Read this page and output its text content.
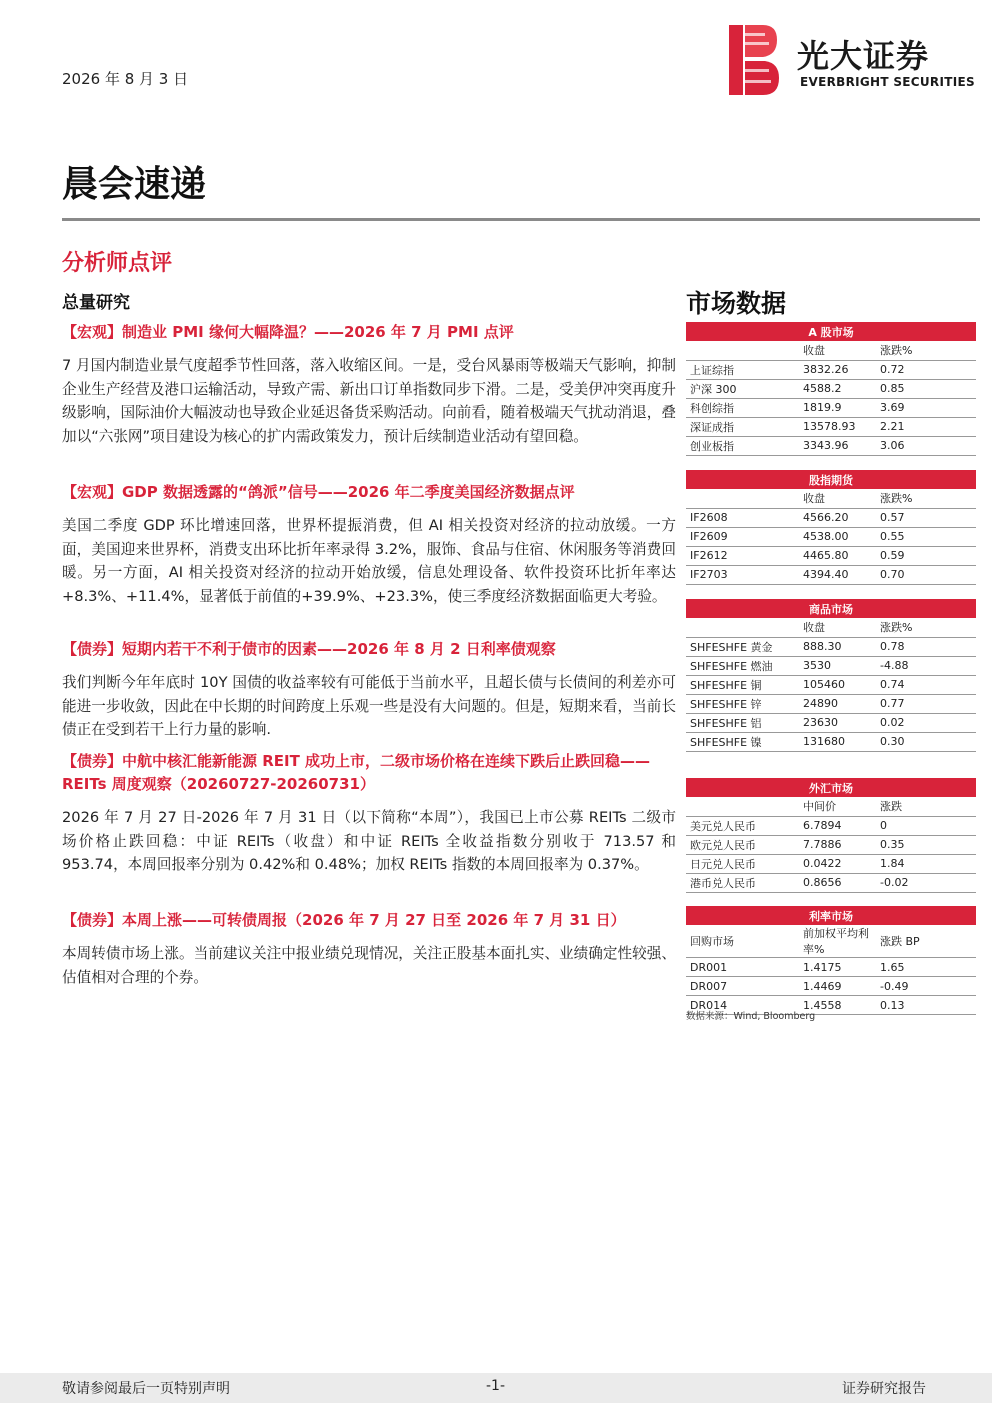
2026 年 8 月 3 日
光大证券
EVERBRIGHT SECURITIES
晨会速递
分析师点评
总量研究
【宏观】制造业 PMI 缘何大幅降温？——2026 年 7 月 PMI 点评
7 月国内制造业景气度超季节性回落，落入收缩区间。一是，受台风暴雨等极端天气影响，抑制企业生产经营及港口运输活动，导致产需、新出口订单指数同步下滑。二是，受美伊冲突再度升级影响，国际油价大幅波动也导致企业延迟备货采购活动。向前看，随着极端天气扰动消退，叠加以“六张网”项目建设为核心的扩内需政策发力，预计后续制造业活动有望回稳。
【宏观】GDP 数据透露的“鸽派”信号——2026 年二季度美国经济数据点评
美国二季度 GDP 环比增速回落，世界杯提振消费，但 AI 相关投资对经济的拉动放缓。一方面，美国迎来世界杯，消费支出环比折年率录得 3.2%，服饰、食品与住宿、休闲服务等消费回暖。另一方面，AI 相关投资对经济的拉动开始放缓，信息处理设备、软件投资环比折年率达+8.3%、+11.4%，显著低于前值的+39.9%、+23.3%，使三季度经济数据面临更大考验。
【债券】短期内若干不利于债市的因素——2026 年 8 月 2 日利率债观察
我们判断今年年底时 10Y 国债的收益率较有可能低于当前水平，且超长债与长债间的利差亦可能进一步收敛，因此在中长期的时间跨度上乐观一些是没有大问题的。但是，短期来看，当前长债正在受到若干上行力量的影响.
【债券】中航中核汇能新能源 REIT 成功上市，二级市场价格在连续下跌后止跌回稳——REITs 周度观察（20260727-20260731）
2026 年 7 月 27 日-2026 年 7 月 31 日（以下简称“本周”），我国已上市公募 REITs 二级市场价格止跌回稳：中证 REITs（收盘）和中证 REITs 全收益指数分别收于 713.57 和 953.74，本周回报率分别为 0.42%和 0.48%；加权 REITs 指数的本周回报率为 0.37%。
【债券】本周上涨——可转债周报（2026 年 7 月 27 日至 2026 年 7 月 31 日）
本周转债市场上涨。当前建议关注中报业绩兑现情况，关注正股基本面扎实、业绩确定性较强、估值相对合理的个券。
市场数据
A 股市场		
	收盘	涨跌%
上证综指	3832.26	0.72
沪深 300	4588.2	0.85
科创综指	1819.9	3.69
深证成指	13578.93	2.21
创业板指	3343.96	3.06
股指期货		
	收盘	涨跌%
IF2608	4566.20	0.57
IF2609	4538.00	0.55
IF2612	4465.80	0.59
IF2703	4394.40	0.70
商品市场		
	收盘	涨跌%
SHFESHFE 黄金	888.30	0.78
SHFESHFE 燃油	3530	-4.88
SHFESHFE 铜	105460	0.74
SHFESHFE 锌	24890	0.77
SHFESHFE 铝	23630	0.02
SHFESHFE 镍	131680	0.30
外汇市场		
	中间价	涨跌
美元兑人民币	6.7894	0
欧元兑人民币	7.7886	0.35
日元兑人民币	0.0422	1.84
港币兑人民币	0.8656	-0.02
利率市场		
回购市场	前加权平均利率%	涨跌 BP
DR001	1.4175	1.65
DR007	1.4469	-0.49
DR014	1.4558	0.13
数据来源：Wind, Bloomberg
敬请参阅最后一页特别声明	-1-	证券研究报告
